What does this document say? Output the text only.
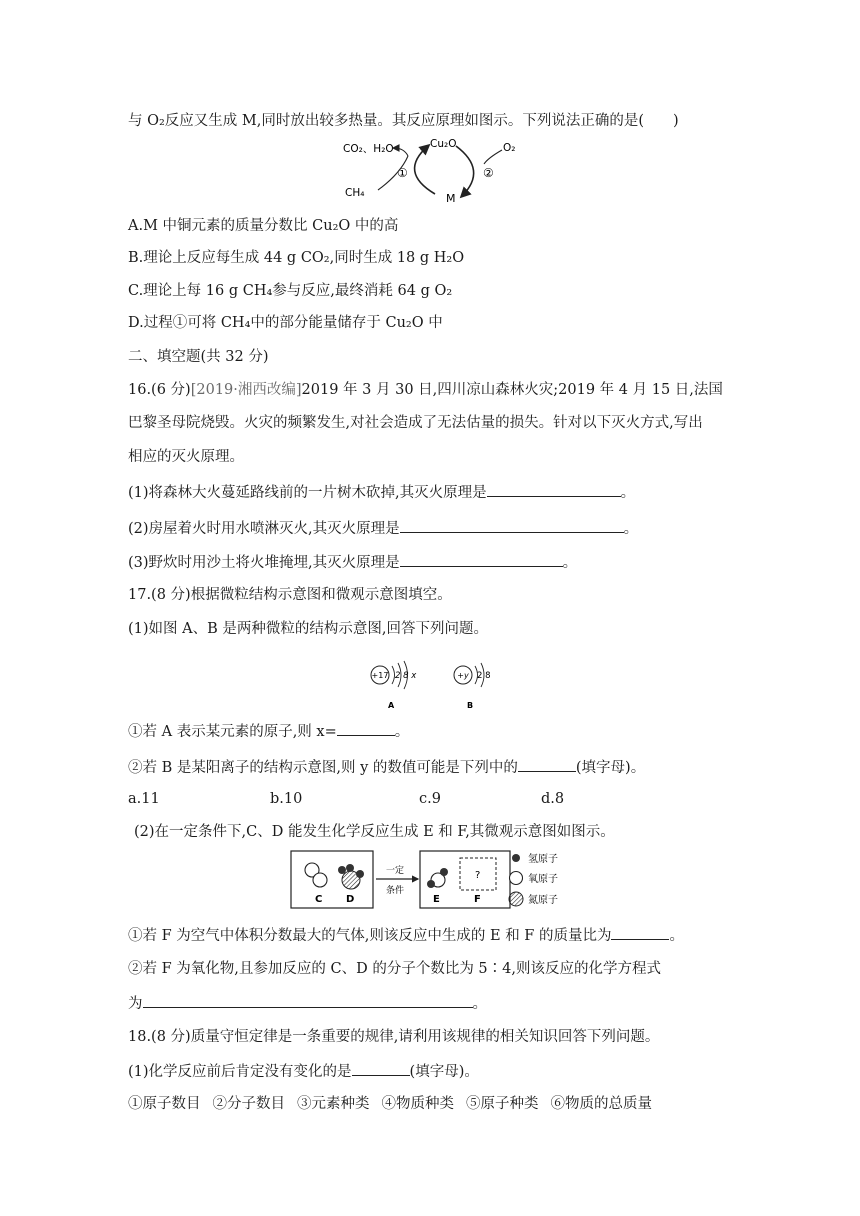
与 O₂反应又生成 M,同时放出较多热量。其反应原理如图示。下列说法正确的是(　　)
CO₂、H₂O	Cu₂O	O₂
CH₄	M
①	②
A.M 中铜元素的质量分数比 Cu₂O 中的高
B.理论上反应每生成 44 g CO₂,同时生成 18 g H₂O
C.理论上每 16 g CH₄参与反应,最终消耗 64 g O₂
D.过程①可将 CH₄中的部分能量储存于 Cu₂O 中
二、填空题(共 32 分)
16.(6 分)[2019·湘西改编]2019 年 3 月 30 日,四川凉山森林火灾;2019 年 4 月 15 日,法国
巴黎圣母院烧毁。火灾的频繁发生,对社会造成了无法估量的损失。针对以下灭火方式,写出
相应的灭火原理。
(1)将森林大火蔓延路线前的一片树木砍掉,其灭火原理是	。
(2)房屋着火时用水喷淋灭火,其灭火原理是	。
(3)野炊时用沙土将火堆掩埋,其灭火原理是	。
17.(8 分)根据微粒结构示意图和微观示意图填空。
(1)如图 A、B 是两种微粒的结构示意图,回答下列问题。
+17 2 8 x
A
+y 2 8
B
①若 A 表示某元素的原子,则 x=	。
②若 B 是某阳离子的结构示意图,则 y 的数值可能是下列中的	(填字母)。
a.11	b.10	c.9	d.8
(2)在一定条件下,C、D 能发生化学反应生成 E 和 F,其微观示意图如图示。
C D
一定
条件
E
?
F
氢原子
氧原子
氮原子
①若 F 为空气中体积分数最大的气体,则该反应中生成的 E 和 F 的质量比为	。
②若 F 为氧化物,且参加反应的 C、D 的分子个数比为 5∶4,则该反应的化学方程式
为	。
18.(8 分)质量守恒定律是一条重要的规律,请利用该规律的相关知识回答下列问题。
(1)化学反应前后肯定没有变化的是	(填字母)。
①原子数目 ②分子数目 ③元素种类 ④物质种类 ⑤原子种类 ⑥物质的总质量
